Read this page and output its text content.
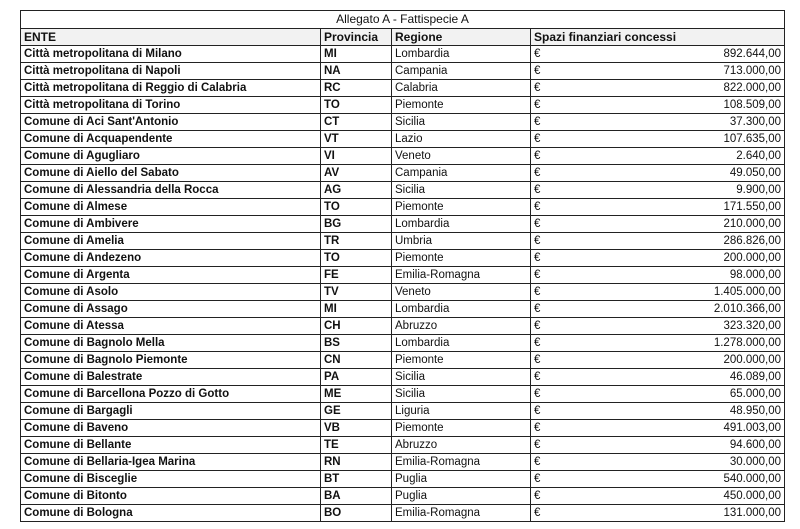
Allegato A - Fattispecie A			
ENTE	Provincia	Regione	Spazi finanziari concessi
Città metropolitana di Milano	MI	Lombardia	€ 892.644,00

Città metropolitana di Napoli	NA	Campania	€ 713.000,00

Città metropolitana di Reggio di Calabria	RC	Calabria	€ 822.000,00

Città metropolitana di Torino	TO	Piemonte	€ 108.509,00

Comune di Aci Sant'Antonio	CT	Sicilia	€ 37.300,00

Comune di Acquapendente	VT	Lazio	€ 107.635,00

Comune di Agugliaro	VI	Veneto	€ 2.640,00

Comune di Aiello del Sabato	AV	Campania	€ 49.050,00

Comune di Alessandria della Rocca	AG	Sicilia	€ 9.900,00

Comune di Almese	TO	Piemonte	€ 171.550,00

Comune di Ambivere	BG	Lombardia	€ 210.000,00

Comune di Amelia	TR	Umbria	€ 286.826,00

Comune di Andezeno	TO	Piemonte	€ 200.000,00

Comune di Argenta	FE	Emilia-Romagna	€ 98.000,00

Comune di Asolo	TV	Veneto	€ 1.405.000,00

Comune di Assago	MI	Lombardia	€ 2.010.366,00

Comune di Atessa	CH	Abruzzo	€ 323.320,00

Comune di Bagnolo Mella	BS	Lombardia	€ 1.278.000,00

Comune di Bagnolo Piemonte	CN	Piemonte	€ 200.000,00

Comune di Balestrate	PA	Sicilia	€ 46.089,00

Comune di Barcellona Pozzo di Gotto	ME	Sicilia	€ 65.000,00

Comune di Bargagli	GE	Liguria	€ 48.950,00

Comune di Baveno	VB	Piemonte	€ 491.003,00

Comune di Bellante	TE	Abruzzo	€ 94.600,00

Comune di Bellaria-Igea Marina	RN	Emilia-Romagna	€ 30.000,00

Comune di Bisceglie	BT	Puglia	€ 540.000,00

Comune di Bitonto	BA	Puglia	€ 450.000,00

Comune di Bologna	BO	Emilia-Romagna	€ 131.000,00
